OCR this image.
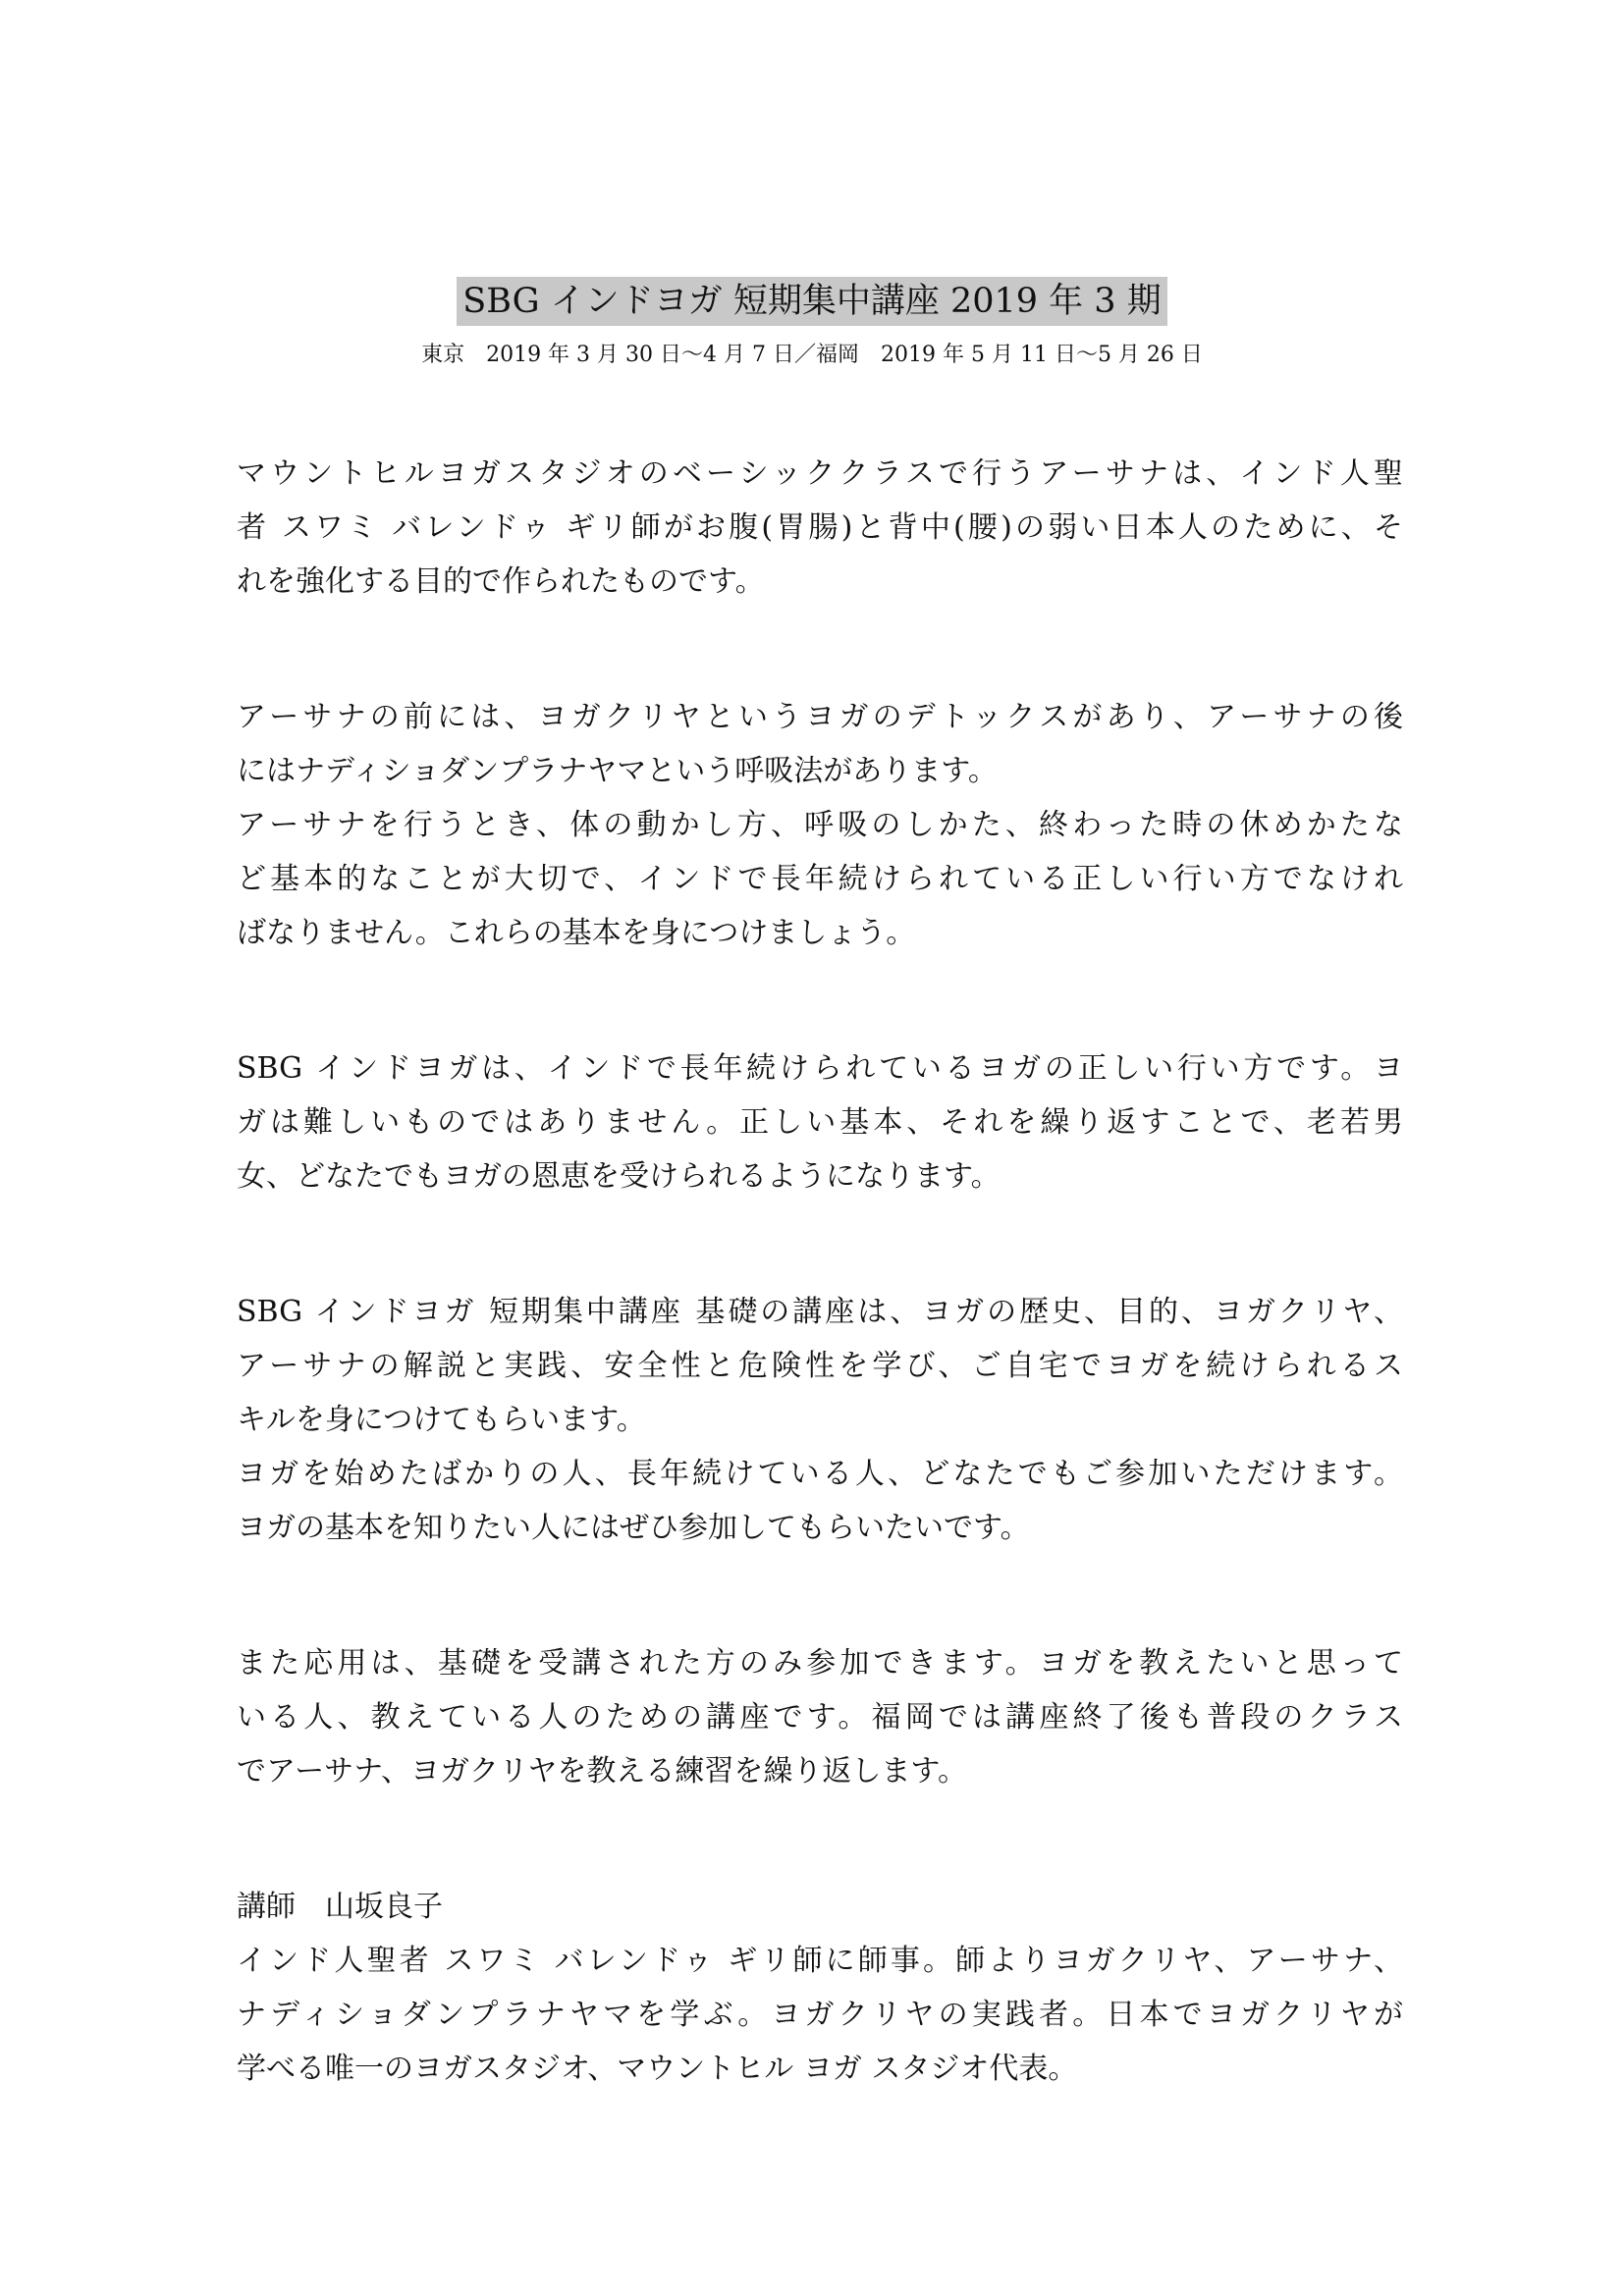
SBG インドヨガ 短期集中講座 2019 年 3 期
東京　2019 年 3 月 30 日〜4 月 7 日／福岡　2019 年 5 月 11 日〜5 月 26 日
マウントヒルヨガスタジオのベーシッククラスで行うアーサナは、インド人聖
者 スワミ バレンドゥ ギリ師がお腹(胃腸)と背中(腰)の弱い日本人のために、そ
れを強化する目的で作られたものです。
アーサナの前には、ヨガクリヤというヨガのデトックスがあり、アーサナの後
にはナディショダンプラナヤマという呼吸法があります。
アーサナを行うとき、体の動かし方、呼吸のしかた、終わった時の休めかたな
ど基本的なことが大切で、インドで長年続けられている正しい行い方でなけれ
ばなりません。これらの基本を身につけましょう。
SBG インドヨガは、インドで長年続けられているヨガの正しい行い方です。ヨ
ガは難しいものではありません。正しい基本、それを繰り返すことで、老若男
女、どなたでもヨガの恩恵を受けられるようになります。
SBG インドヨガ 短期集中講座 基礎の講座は、ヨガの歴史、目的、ヨガクリヤ、
アーサナの解説と実践、安全性と危険性を学び、ご自宅でヨガを続けられるス
キルを身につけてもらいます。
ヨガを始めたばかりの人、長年続けている人、どなたでもご参加いただけます。
ヨガの基本を知りたい人にはぜひ参加してもらいたいです。
また応用は、基礎を受講された方のみ参加できます。ヨガを教えたいと思って
いる人、教えている人のための講座です。福岡では講座終了後も普段のクラス
でアーサナ、ヨガクリヤを教える練習を繰り返します。
講師　山坂良子
インド人聖者 スワミ バレンドゥ ギリ師に師事。師よりヨガクリヤ、アーサナ、
ナディショダンプラナヤマを学ぶ。ヨガクリヤの実践者。日本でヨガクリヤが
学べる唯一のヨガスタジオ、マウントヒル ヨガ スタジオ代表。
